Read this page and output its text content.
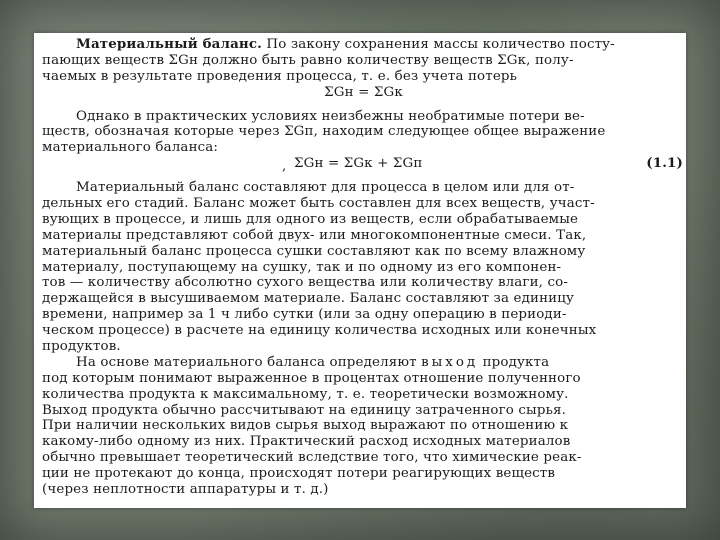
Материальный баланс. По закону сохранения массы количество посту-
пающих веществ ΣGн должно быть равно количеству веществ ΣGк, полу-
чаемых в результате проведения процесса, т. е. без учета потерь
ΣGн = ΣGк
Однако в практических условиях неизбежны необратимые потери ве-
ществ, обозначая которые через ΣGп, находим следующее общее выражение
материального баланса:
, ΣGн = ΣGк + ΣGп	(1.1)
Материальный баланс составляют для процесса в целом или для от-
дельных его стадий. Баланс может быть составлен для всех веществ, участ-
вующих в процессе, и лишь для одного из веществ, если обрабатываемые
материалы представляют собой двух- или многокомпонентные смеси. Так,
материальный баланс процесса сушки составляют как по всему влажному
материалу, поступающему на сушку, так и по одному из его компонен-
тов — количеству абсолютно сухого вещества или количеству влаги, со-
держащейся в высушиваемом материале. Баланс составляют за единицу
времени, например за 1 ч либо сутки (или за одну операцию в периоди-
ческом процессе) в расчете на единицу количества исходных или конечных
продуктов.
На основе материального баланса определяют выход продукта
под которым понимают выраженное в процентах отношение полученного
количества продукта к максимальному, т. е. теоретически возможному.
Выход продукта обычно рассчитывают на единицу затраченного сырья.
При наличии нескольких видов сырья выход выражают по отношению к
какому-либо одному из них. Практический расход исходных материалов
обычно превышает теоретический вследствие того, что химические реак-
ции не протекают до конца, происходят потери реагирующих веществ
(через неплотности аппаратуры и т. д.)
